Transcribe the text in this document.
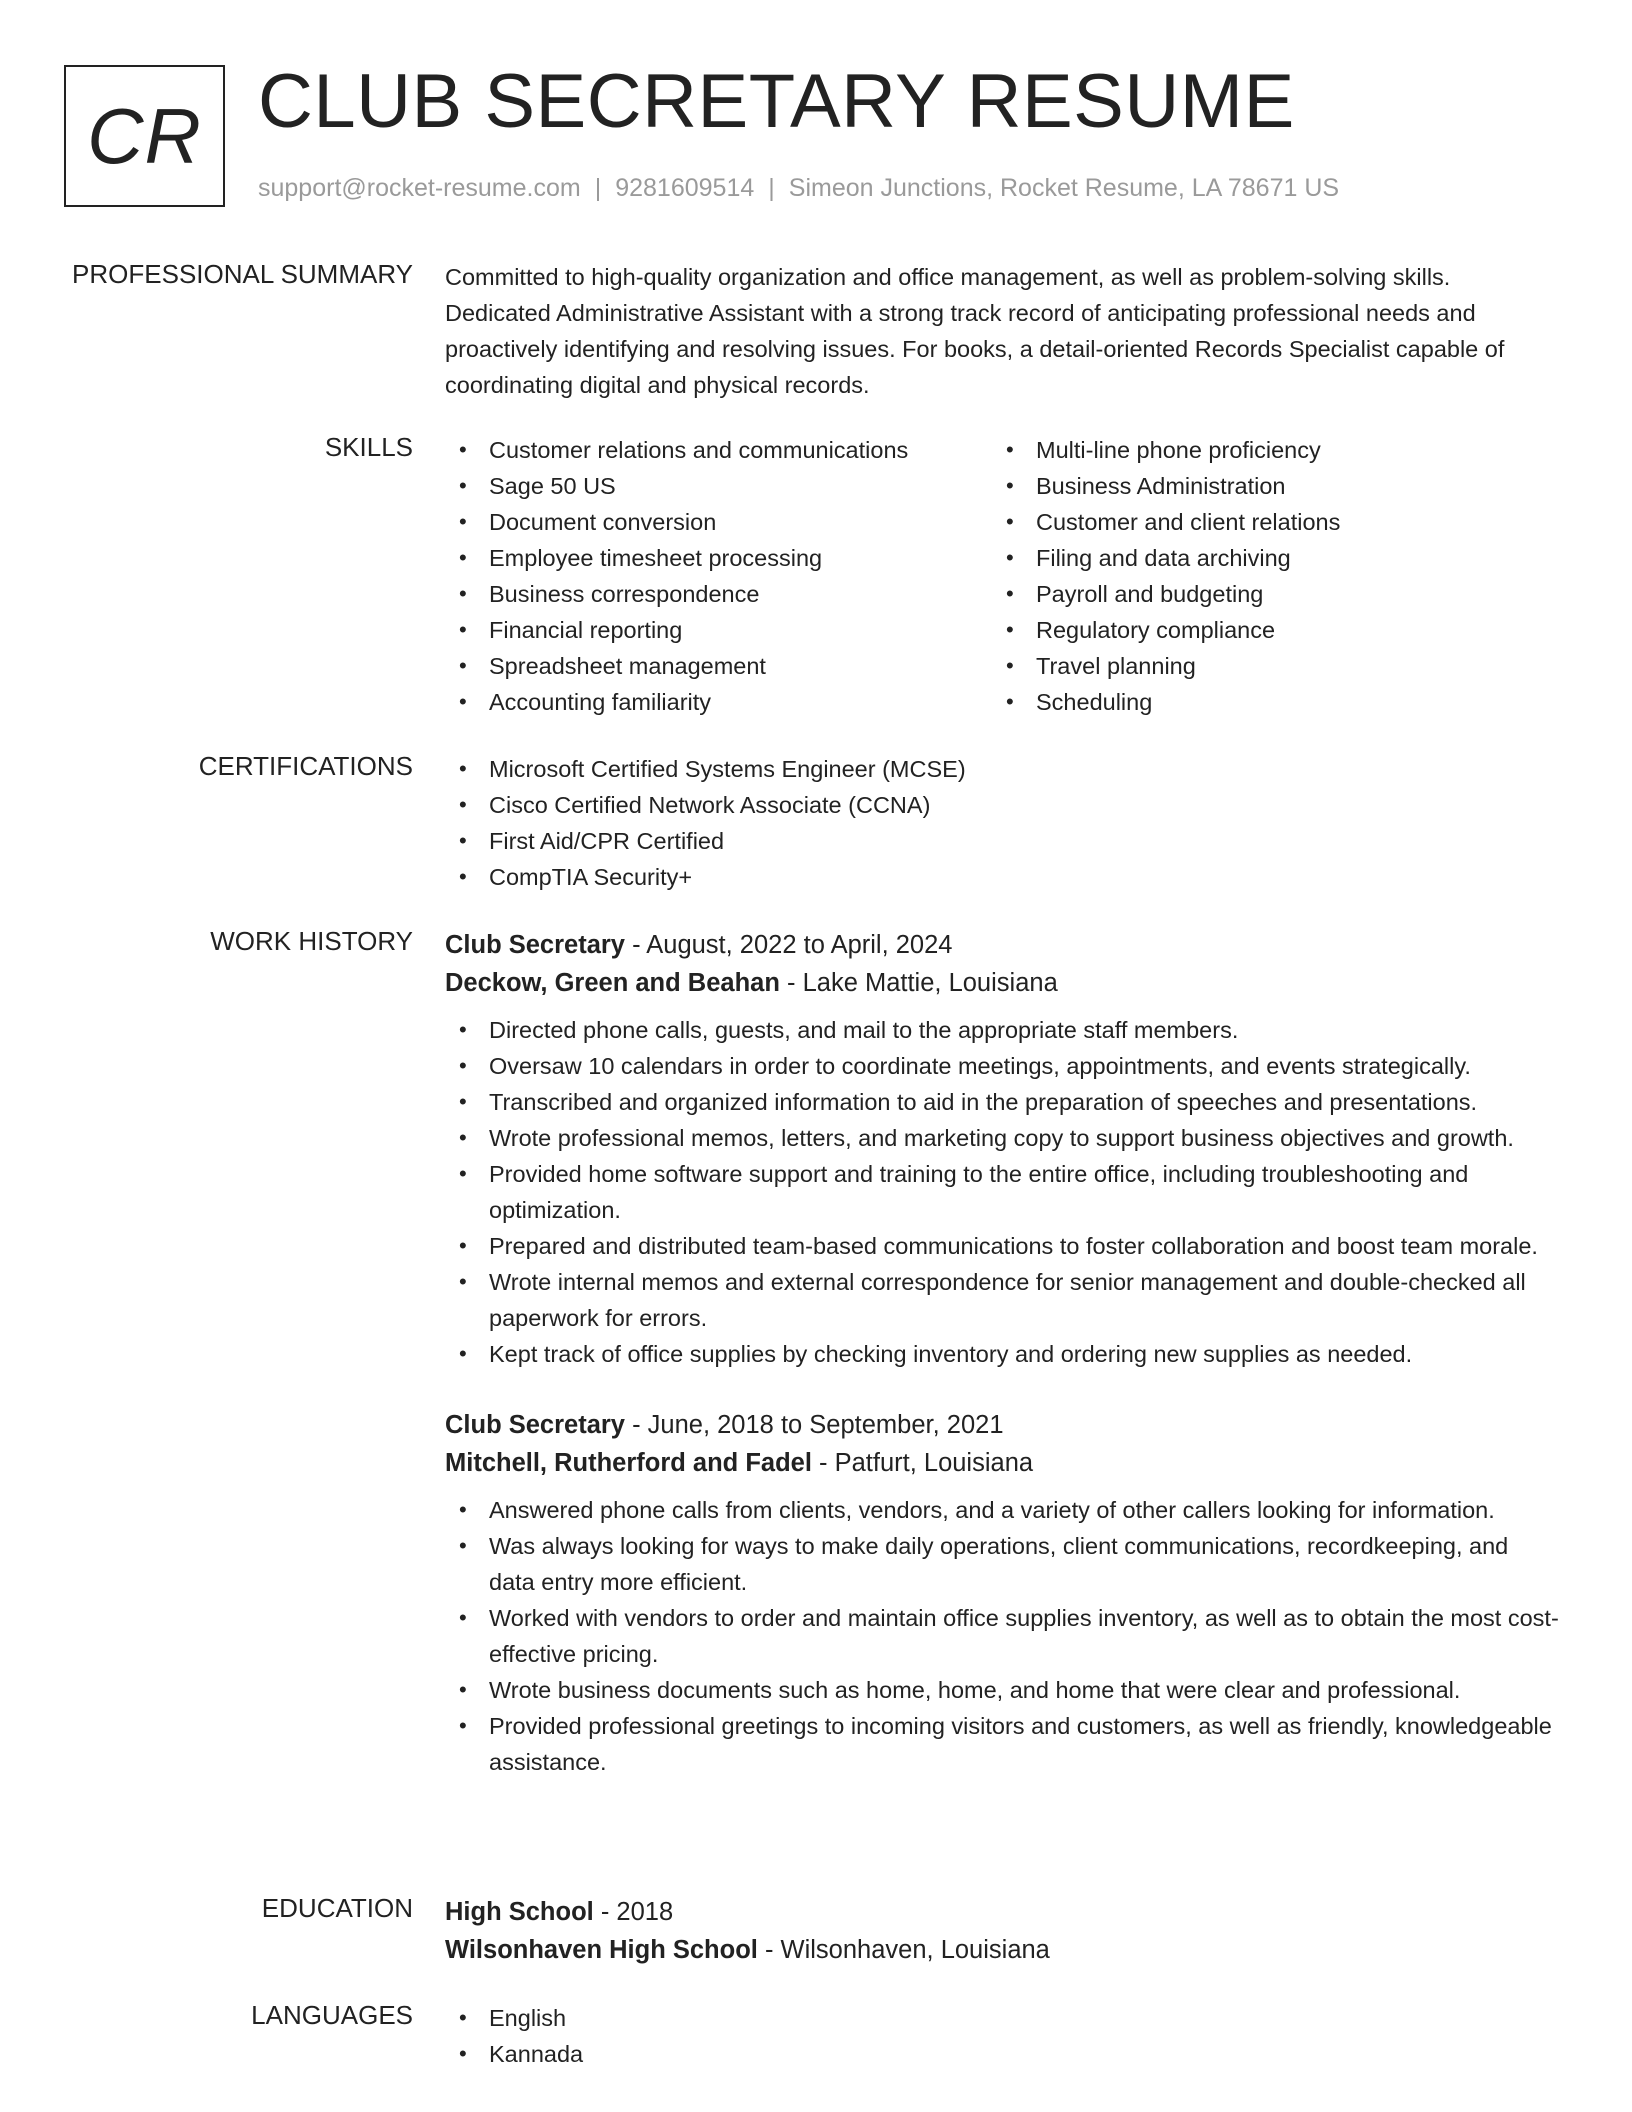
CR CLUB SECRETARY RESUME
support@rocket-resume.com | 9281609514 | Simeon Junctions, Rocket Resume, LA 78671 US
PROFESSIONAL SUMMARY Committed to high-quality organization and office management, as well as problem-solving skills. Dedicated Administrative Assistant with a strong track record of anticipating professional needs and proactively identifying and resolving issues. For books, a detail-oriented Records Specialist capable of coordinating digital and physical records.

SKILLS	• Customer relations and communications
• Sage 50 US
• Document conversion
• Employee timesheet processing
• Business correspondence
• Financial reporting
• Spreadsheet management
• Accounting familiarity
• Multi-line phone proficiency
• Business Administration
• Customer and client relations
• Filing and data archiving
• Payroll and budgeting
• Regulatory compliance
• Travel planning
• Scheduling
CERTIFICATIONS	• Microsoft Certified Systems Engineer (MCSE)
• Cisco Certified Network Associate (CCNA)
• First Aid/CPR Certified
• CompTIA Security+
WORK HISTORY Club Secretary - August, 2022 to April, 2024
Deckow, Green and Beahan - Lake Mattie, Louisiana
• Directed phone calls, guests, and mail to the appropriate staff members.
• Oversaw 10 calendars in order to coordinate meetings, appointments, and events strategically.
• Transcribed and organized information to aid in the preparation of speeches and presentations.
• Wrote professional memos, letters, and marketing copy to support business objectives and growth.
• Provided home software support and training to the entire office, including troubleshooting and optimization.
• Prepared and distributed team-based communications to foster collaboration and boost team morale.
• Wrote internal memos and external correspondence for senior management and double-checked all paperwork for errors.
• Kept track of office supplies by checking inventory and ordering new supplies as needed.
Club Secretary - June, 2018 to September, 2021
Mitchell, Rutherford and Fadel - Patfurt, Louisiana
• Answered phone calls from clients, vendors, and a variety of other callers looking for information.
• Was always looking for ways to make daily operations, client communications, recordkeeping, and data entry more efficient.
• Worked with vendors to order and maintain office supplies inventory, as well as to obtain the most cost-effective pricing.
• Wrote business documents such as home, home, and home that were clear and professional.
• Provided professional greetings to incoming visitors and customers, as well as friendly, knowledgeable assistance.
EDUCATION High School - 2018
Wilsonhaven High School - Wilsonhaven, Louisiana
LANGUAGES	• English
• Kannada
